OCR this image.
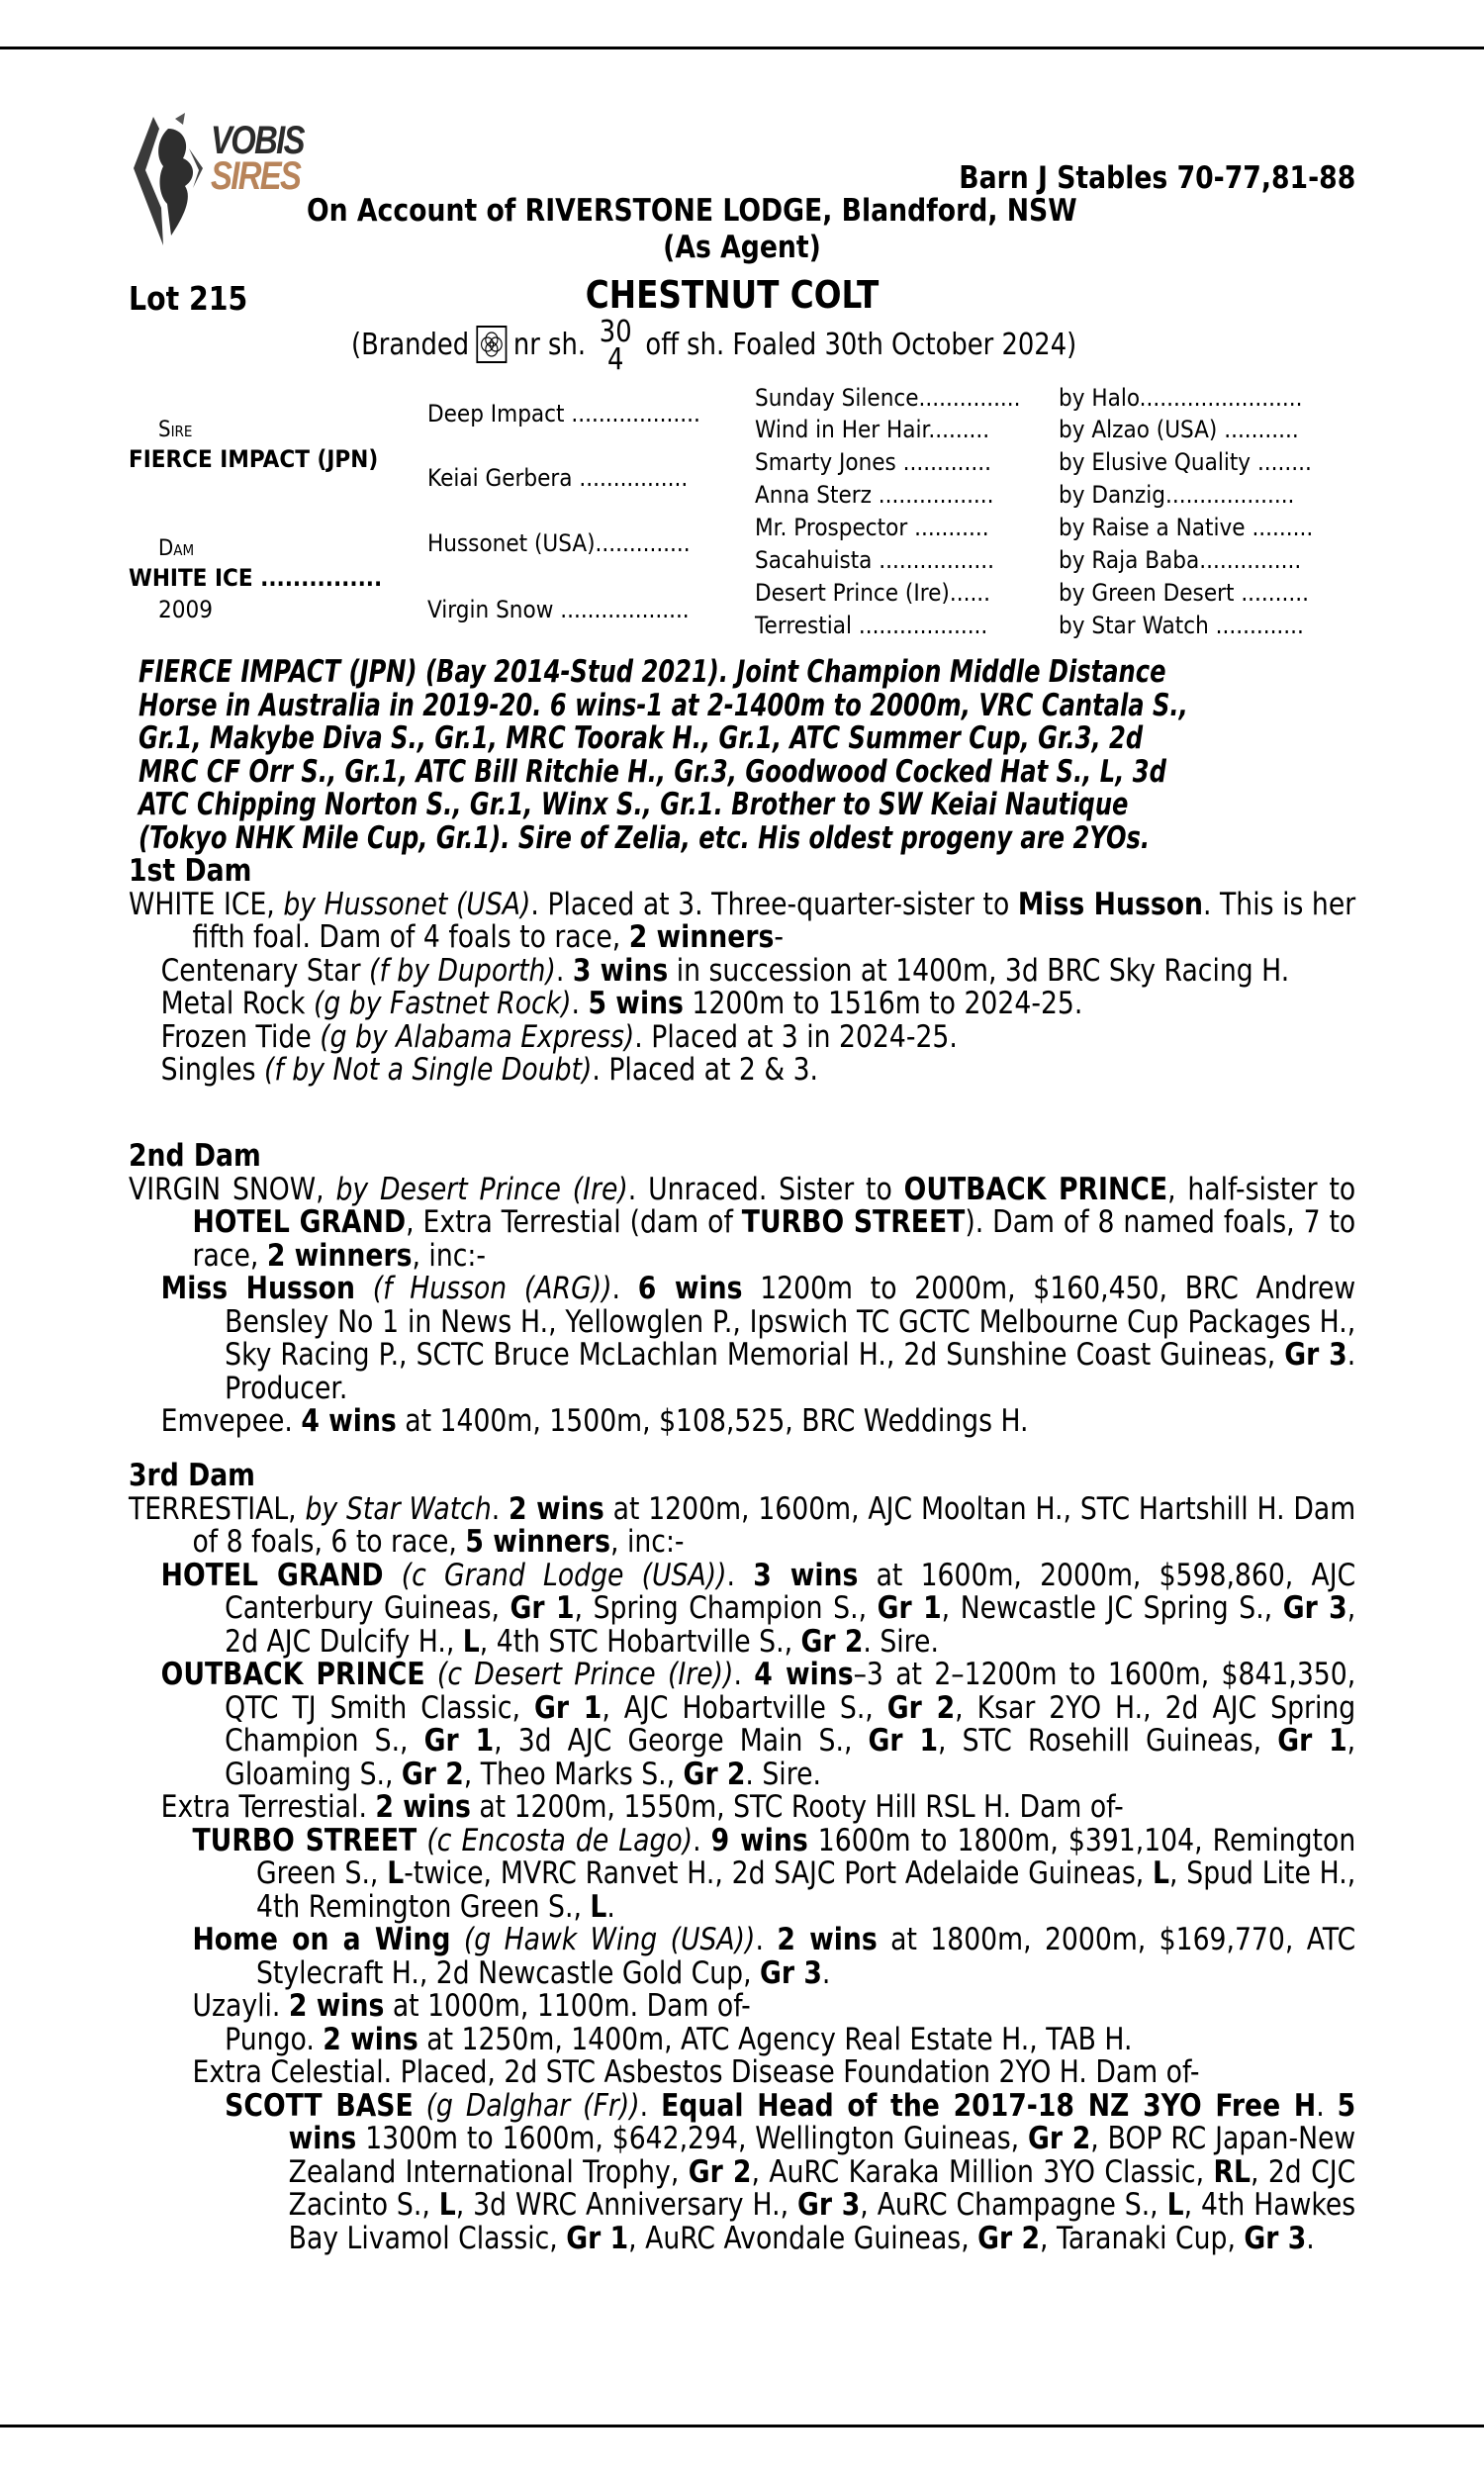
VOBIS
SIRES	Barn J Stables 70-77,81-88
On Account of RIVERSTONE LODGE, Blandford, NSW
(As Agent)
Lot 215	CHESTNUT COLT
(Branded nr sh. 30
4 off sh. Foaled 30th October 2024)
Sire
FIERCE IMPACT (JPN)
Dam
WHITE ICE ...............
2009
Deep Impact ...................
Keiai Gerbera ................
Hussonet (USA)..............
Virgin Snow ...................
Sunday Silence...............
Wind in Her Hair.........
Smarty Jones .............
Anna Sterz .................
Mr. Prospector ...........
Sacahuista .................
Desert Prince (Ire)......
Terrestial ...................
by Halo........................
by Alzao (USA) ...........
by Elusive Quality ........
by Danzig...................
by Raise a Native .........
by Raja Baba...............
by Green Desert ..........
by Star Watch .............
FIERCE IMPACT (JPN) (Bay 2014-Stud 2021). Joint Champion Middle Distance
Horse in Australia in 2019-20. 6 wins-1 at 2-1400m to 2000m, VRC Cantala S.,
Gr.1, Makybe Diva S., Gr.1, MRC Toorak H., Gr.1, ATC Summer Cup, Gr.3, 2d
MRC CF Orr S., Gr.1, ATC Bill Ritchie H., Gr.3, Goodwood Cocked Hat S., L, 3d
ATC Chipping Norton S., Gr.1, Winx S., Gr.1. Brother to SW Keiai Nautique
(Tokyo NHK Mile Cup, Gr.1). Sire of Zelia, etc. His oldest progeny are 2YOs.
1st Dam
WHITE ICE, by Hussonet (USA). Placed at 3. Three-quarter-sister to Miss Husson. This is her fifth foal. Dam of 4 foals to race, 2 winners-
Centenary Star (f by Duporth). 3 wins in succession at 1400m, 3d BRC Sky Racing H.
Metal Rock (g by Fastnet Rock). 5 wins 1200m to 1516m to 2024-25.
Frozen Tide (g by Alabama Express). Placed at 3 in 2024-25.
Singles (f by Not a Single Doubt). Placed at 2 & 3.
2nd Dam
VIRGIN SNOW, by Desert Prince (Ire). Unraced. Sister to OUTBACK PRINCE, half-sister to HOTEL GRAND, Extra Terrestial (dam of TURBO STREET). Dam of 8 named foals, 7 to race, 2 winners, inc:-
Miss Husson (f Husson (ARG)). 6 wins 1200m to 2000m, $160,450, BRC Andrew Bensley No 1 in News H., Yellowglen P., Ipswich TC GCTC Melbourne Cup Packages H., Sky Racing P., SCTC Bruce McLachlan Memorial H., 2d Sunshine Coast Guineas, Gr 3. Producer.
Emvepee. 4 wins at 1400m, 1500m, $108,525, BRC Weddings H.
3rd Dam
TERRESTIAL, by Star Watch. 2 wins at 1200m, 1600m, AJC Mooltan H., STC Hartshill H. Dam of 8 foals, 6 to race, 5 winners, inc:-
HOTEL GRAND (c Grand Lodge (USA)). 3 wins at 1600m, 2000m, $598,860, AJC Canterbury Guineas, Gr 1, Spring Champion S., Gr 1, Newcastle JC Spring S., Gr 3, 2d AJC Dulcify H., L, 4th STC Hobartville S., Gr 2. Sire.
OUTBACK PRINCE (c Desert Prince (Ire)). 4 wins–3 at 2–1200m to 1600m, $841,350, QTC TJ Smith Classic, Gr 1, AJC Hobartville S., Gr 2, Ksar 2YO H., 2d AJC Spring Champion S., Gr 1, 3d AJC George Main S., Gr 1, STC Rosehill Guineas, Gr 1, Gloaming S., Gr 2, Theo Marks S., Gr 2. Sire.
Extra Terrestial. 2 wins at 1200m, 1550m, STC Rooty Hill RSL H. Dam of-
TURBO STREET (c Encosta de Lago). 9 wins 1600m to 1800m, $391,104, Remington Green S., L-twice, MVRC Ranvet H., 2d SAJC Port Adelaide Guineas, L, Spud Lite H., 4th Remington Green S., L.
Home on a Wing (g Hawk Wing (USA)). 2 wins at 1800m, 2000m, $169,770, ATC Stylecraft H., 2d Newcastle Gold Cup, Gr 3.
Uzayli. 2 wins at 1000m, 1100m. Dam of-
Pungo. 2 wins at 1250m, 1400m, ATC Agency Real Estate H., TAB H.
Extra Celestial. Placed, 2d STC Asbestos Disease Foundation 2YO H. Dam of-
SCOTT BASE (g Dalghar (Fr)). Equal Head of the 2017-18 NZ 3YO Free H. 5 wins 1300m to 1600m, $642,294, Wellington Guineas, Gr 2, BOP RC Japan-New Zealand International Trophy, Gr 2, AuRC Karaka Million 3YO Classic, RL, 2d CJC Zacinto S., L, 3d WRC Anniversary H., Gr 3, AuRC Champagne S., L, 4th Hawkes Bay Livamol Classic, Gr 1, AuRC Avondale Guineas, Gr 2, Taranaki Cup, Gr 3.
